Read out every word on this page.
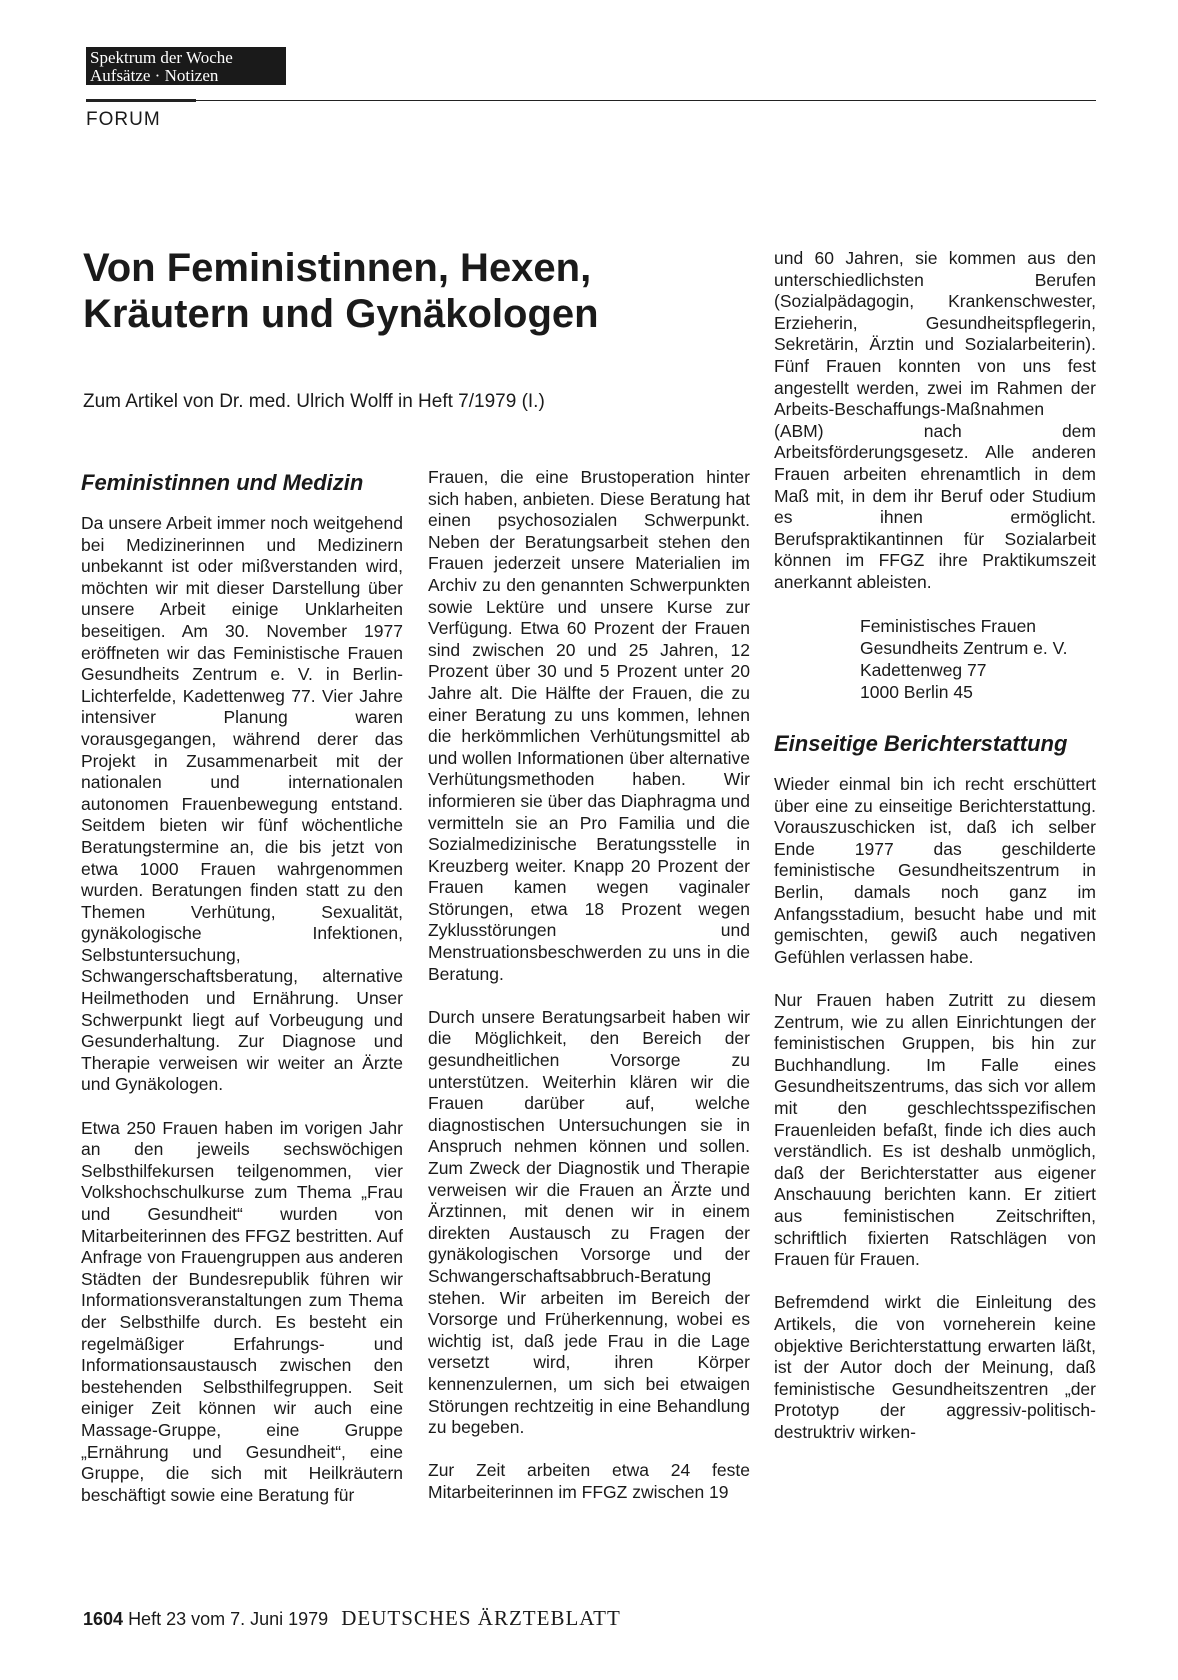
Spektrum der Woche
Aufsätze · Notizen
FORUM
Von Feministinnen, Hexen, Kräutern und Gynäkologen
Zum Artikel von Dr. med. Ulrich Wolff in Heft 7/1979 (I.)
Feministinnen und Medizin

Da unsere Arbeit immer noch weitgehend bei Medizinerinnen und Medizinern unbekannt ist oder mißverstanden wird, möchten wir mit dieser Darstellung über unsere Arbeit einige Unklarheiten beseitigen. Am 30. November 1977 eröffneten wir das Feministische Frauen Gesundheits Zentrum e. V. in Berlin-Lichterfelde, Kadettenweg 77. Vier Jahre intensiver Planung waren vorausgegangen, während derer das Projekt in Zusammenarbeit mit der nationalen und internationalen autonomen Frauenbewegung entstand. Seitdem bieten wir fünf wöchentliche Beratungstermine an, die bis jetzt von etwa 1000 Frauen wahrgenommen wurden. Beratungen finden statt zu den Themen Verhütung, Sexualität, gynäkologische Infektionen, Selbstuntersuchung, Schwangerschaftsberatung, alternative Heilmethoden und Ernährung. Unser Schwerpunkt liegt auf Vorbeugung und Gesunderhaltung. Zur Diagnose und Therapie verweisen wir weiter an Ärzte und Gynäkologen.

Etwa 250 Frauen haben im vorigen Jahr an den jeweils sechswöchigen Selbsthilfekursen teilgenommen, vier Volkshochschulkurse zum Thema „Frau und Gesundheit“ wurden von Mitarbeiterinnen des FFGZ bestritten. Auf Anfrage von Frauengruppen aus anderen Städten der Bundesrepublik führen wir Informationsveranstaltungen zum Thema der Selbsthilfe durch. Es besteht ein regelmäßiger Erfahrungs- und Informationsaustausch zwischen den bestehenden Selbsthilfegruppen. Seit einiger Zeit können wir auch eine Massage-Gruppe, eine Gruppe „Ernährung und Gesundheit“, eine Gruppe, die sich mit Heilkräutern beschäftigt sowie eine Beratung für

Frauen, die eine Brustoperation hinter sich haben, anbieten. Diese Beratung hat einen psychosozialen Schwerpunkt. Neben der Beratungsarbeit stehen den Frauen jederzeit unsere Materialien im Archiv zu den genannten Schwerpunkten sowie Lektüre und unsere Kurse zur Verfügung. Etwa 60 Prozent der Frauen sind zwischen 20 und 25 Jahren, 12 Prozent über 30 und 5 Prozent unter 20 Jahre alt. Die Hälfte der Frauen, die zu einer Beratung zu uns kommen, lehnen die herkömmlichen Verhütungsmittel ab und wollen Informationen über alternative Verhütungsmethoden haben. Wir informieren sie über das Diaphragma und vermitteln sie an Pro Familia und die Sozialmedizinische Beratungsstelle in Kreuzberg weiter. Knapp 20 Prozent der Frauen kamen wegen vaginaler Störungen, etwa 18 Prozent wegen Zyklusstörungen und Menstruationsbeschwerden zu uns in die Beratung.

Durch unsere Beratungsarbeit haben wir die Möglichkeit, den Bereich der gesundheitlichen Vorsorge zu unterstützen. Weiterhin klären wir die Frauen darüber auf, welche diagnostischen Untersuchungen sie in Anspruch nehmen können und sollen. Zum Zweck der Diagnostik und Therapie verweisen wir die Frauen an Ärzte und Ärztinnen, mit denen wir in einem direkten Austausch zu Fragen der gynäkologischen Vorsorge und der Schwangerschaftsabbruch-Beratung stehen. Wir arbeiten im Bereich der Vorsorge und Früherkennung, wobei es wichtig ist, daß jede Frau in die Lage versetzt wird, ihren Körper kennenzulernen, um sich bei etwaigen Störungen rechtzeitig in eine Behandlung zu begeben.

Zur Zeit arbeiten etwa 24 feste Mitarbeiterinnen im FFGZ zwischen 19

und 60 Jahren, sie kommen aus den unterschiedlichsten Berufen (Sozialpädagogin, Krankenschwester, Erzieherin, Gesundheitspflegerin, Sekretärin, Ärztin und Sozialarbeiterin). Fünf Frauen konnten von uns fest angestellt werden, zwei im Rahmen der Arbeits-Beschaffungs-Maßnahmen (ABM) nach dem Arbeitsförderungsgesetz. Alle anderen Frauen arbeiten ehrenamtlich in dem Maß mit, in dem ihr Beruf oder Studium es ihnen ermöglicht. Berufspraktikantinnen für Sozialarbeit können im FFGZ ihre Praktikumszeit anerkannt ableisten.

Feministisches Frauen
Gesundheits Zentrum e. V.
Kadettenweg 77
1000 Berlin 45
Einseitige Berichterstattung

Wieder einmal bin ich recht erschüttert über eine zu einseitige Berichterstattung. Vorauszuschicken ist, daß ich selber Ende 1977 das geschilderte feministische Gesundheitszentrum in Berlin, damals noch ganz im Anfangsstadium, besucht habe und mit gemischten, gewiß auch negativen Gefühlen verlassen habe.

Nur Frauen haben Zutritt zu diesem Zentrum, wie zu allen Einrichtungen der feministischen Gruppen, bis hin zur Buchhandlung. Im Falle eines Gesundheitszentrums, das sich vor allem mit den geschlechtsspezifischen Frauenleiden befaßt, finde ich dies auch verständlich. Es ist deshalb unmöglich, daß der Berichterstatter aus eigener Anschauung berichten kann. Er zitiert aus feministischen Zeitschriften, schriftlich fixierten Ratschlägen von Frauen für Frauen.

Befremdend wirkt die Einleitung des Artikels, die von vorneherein keine objektive Berichterstattung erwarten läßt, ist der Autor doch der Meinung, daß feministische Gesundheitszentren „der Prototyp der aggressiv-politisch-destruktriv wirken-

1604 Heft 23 vom 7. Juni 1979 DEUTSCHES ÄRZTEBLATT
